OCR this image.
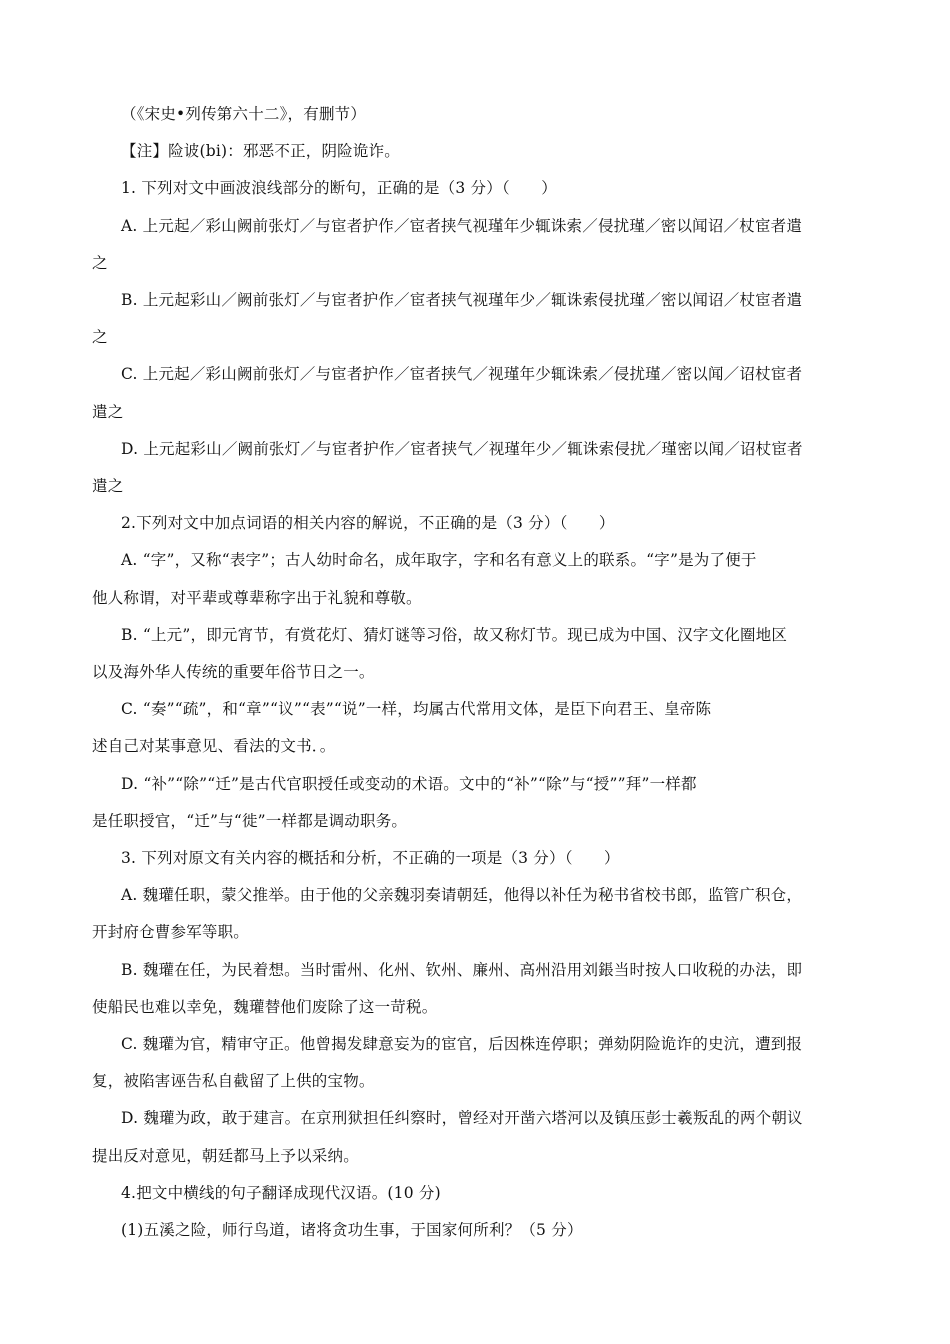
（《宋史•列传第六十二》，有删节）
【注】险诐(bi)：邪恶不正，阴险诡诈。
1. 下列对文中画波浪线部分的断句，正确的是（3 分）（　　）
A. 上元起／彩山阙前张灯／与宦者护作／宦者挟气视瑾年少辄诛索／侵扰瑾／密以闻诏／杖宦者遣
之
B. 上元起彩山／阙前张灯／与宦者护作／宦者挟气视瑾年少／辄诛索侵扰瑾／密以闻诏／杖宦者遣
之
C. 上元起／彩山阙前张灯／与宦者护作／宦者挟气／视瑾年少辄诛索／侵扰瑾／密以闻／诏杖宦者
遣之
D. 上元起彩山／阙前张灯／与宦者护作／宦者挟气／视瑾年少／辄诛索侵扰／瑾密以闻／诏杖宦者
遣之
2.下列对文中加点词语的相关内容的解说，不正确的是（3 分）（　　）
A. “字”，又称“表字”；古人幼时命名，成年取字，字和名有意义上的联系。“字”是为了便于
他人称谓，对平辈或尊辈称字出于礼貌和尊敬。
B. “上元”，即元宵节，有赏花灯、猜灯谜等习俗，故又称灯节。现已成为中国、汉字文化圈地区
以及海外华人传统的重要年俗节日之一。
C. “奏”“疏”，和“章”“议”“表”“说”一样，均属古代常用文体，是臣下向君王、皇帝陈
述自己对某事意见、看法的文书．。
D. “补”“除”“迁”是古代官职授任或变动的术语。文中的“补”“除”与“授””拜”一样都
是任职授官，“迁”与“徙”一样都是调动职务。
3. 下列对原文有关内容的概括和分析，不正确的一项是（3 分）（　　）
A. 魏瓘任职，蒙父推举。由于他的父亲魏羽奏请朝廷，他得以补任为秘书省校书郎，监管广积仓，
开封府仓曹参军等职。
B. 魏瓘在任，为民着想。当时雷州、化州、钦州、廉州、高州沿用刘鋹当时按人口收税的办法，即
使船民也难以幸免，魏瓘替他们废除了这一苛税。
C. 魏瓘为官，精审守正。他曾揭发肆意妄为的宦官，后因株连停职；弹劾阴险诡诈的史沆，遭到报
复，被陷害诬告私自截留了上供的宝物。
D. 魏瓘为政，敢于建言。在京刑狱担任纠察时，曾经对开凿六塔河以及镇压彭士羲叛乱的两个朝议
提出反对意见，朝廷都马上予以采纳。
4.把文中横线的句子翻译成现代汉语。(10 分)
(1)五溪之险，师行鸟道，诸将贪功生事，于国家何所利？（5 分）
